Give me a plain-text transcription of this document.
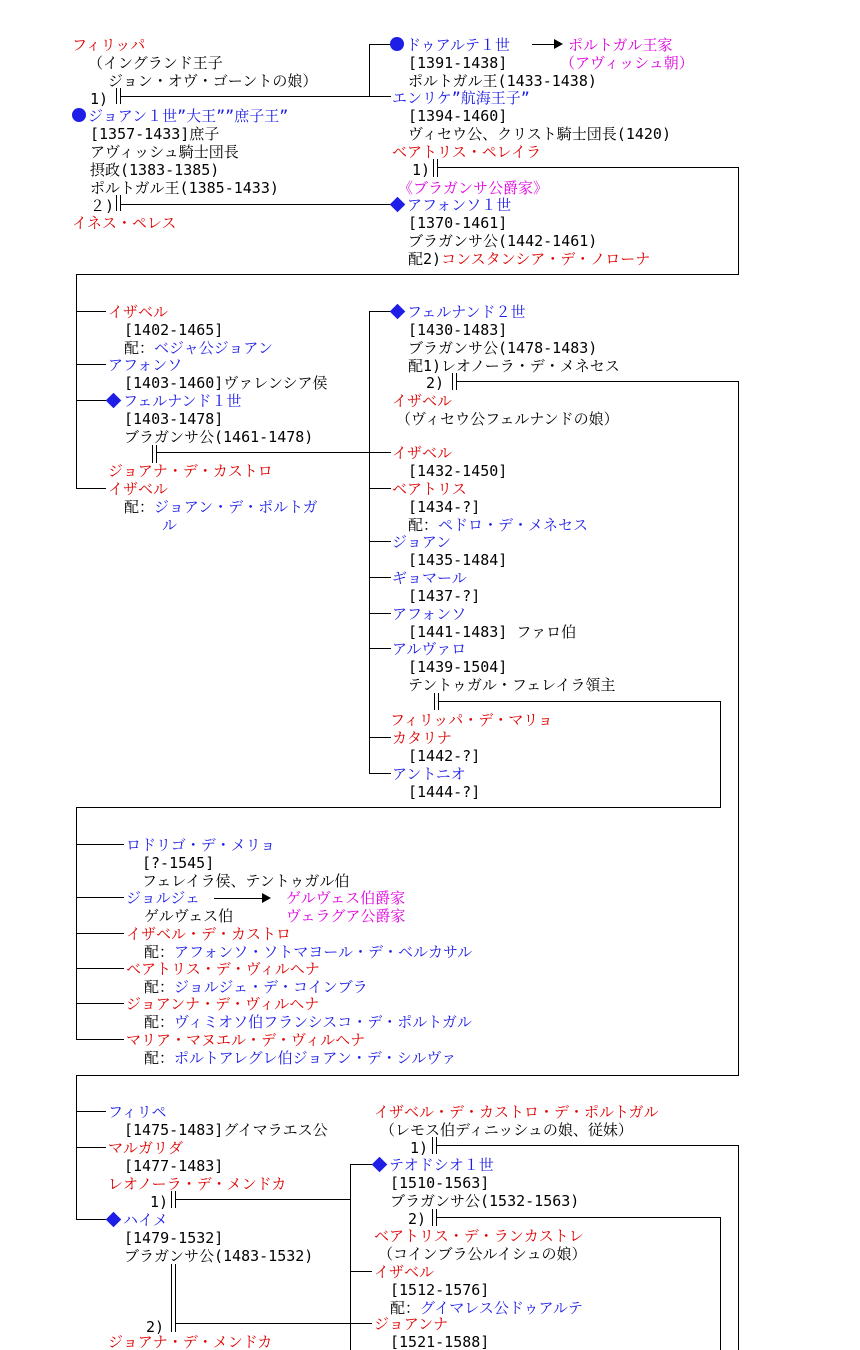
フィリッパ
（イングランド王子
ジョン・オヴ・ゴーントの娘）
1)
ジョアン１世”大王””庶子王”
[1357-1433]庶子
アヴィッシュ騎士団長
摂政(1383-1385)
ポルトガル王(1385-1433)
２)
イネス・ペレス
ドゥアルテ１世	ポルトガル王家
（アヴィッシュ朝）
[1391-1438]
ポルトガル王(1433-1438)
エンリケ”航海王子”
[1394-1460]
ヴィセウ公、クリスト騎士団長(1420)
ベアトリス・ペレイラ
1)
《ブラガンサ公爵家》
アフォンソ１世
[1370-1461]
ブラガンサ公(1442-1461)
配2)コンスタンシア・デ・ノローナ
イザベル
[1402-1465]
配：ベジャ公ジョアン
アフォンソ
[1403-1460]ヴァレンシア侯
フェルナンド１世
[1403-1478]
ブラガンサ公(1461-1478)
ジョアナ・デ・カストロ
イザベル
配：ジョアン・デ・ポルトガ
ル
フェルナンド２世
[1430-1483]
ブラガンサ公(1478-1483)
配1)レオノーラ・デ・メネセス
2)
イザベル
（ヴィセウ公フェルナンドの娘）
イザベル
[1432-1450]
ベアトリス
[1434-?]
配：ペドロ・デ・メネセス
ジョアン
[1435-1484]
ギョマール
[1437-?]
アフォンソ
[1441-1483] ファロ伯
アルヴァロ
[1439-1504]
テントゥガル・フェレイラ領主
フィリッパ・デ・マリョ
カタリナ
[1442-?]
アントニオ
[1444-?]
ロドリゴ・デ・メリョ
[?-1545]
フェレイラ侯、テントゥガル伯
ジョルジェ	ゲルヴェス伯爵家
ゲルヴェス伯	ヴェラグア公爵家
イザベル・デ・カストロ
配：アフォンソ・ソトマヨール・デ・ベルカサル
ベアトリス・デ・ヴィルヘナ
配：ジョルジェ・デ・コインブラ
ジョアンナ・デ・ヴィルヘナ
配：ヴィミオソ伯フランシスコ・デ・ポルトガル
マリア・マヌエル・デ・ヴィルヘナ
配：ポルトアレグレ伯ジョアン・デ・シルヴァ
フィリペ
[1475-1483]グイマラエス公
マルガリダ
[1477-1483]
レオノーラ・デ・メンドカ
1)
ハイメ
[1479-1532]
ブラガンサ公(1483-1532)
2)
ジョアナ・デ・メンドカ
イザベル・デ・カストロ・デ・ポルトガル
（レモス伯ディニッシュの娘、従妹）
1)
テオドシオ１世
[1510-1563]
ブラガンサ公(1532-1563)
2)
ベアトリス・デ・ランカストレ
（コインブラ公ルイシュの娘）
イザベル
[1512-1576]
配：グイマレス公ドゥアルテ
ジョアンナ
[1521-1588]
